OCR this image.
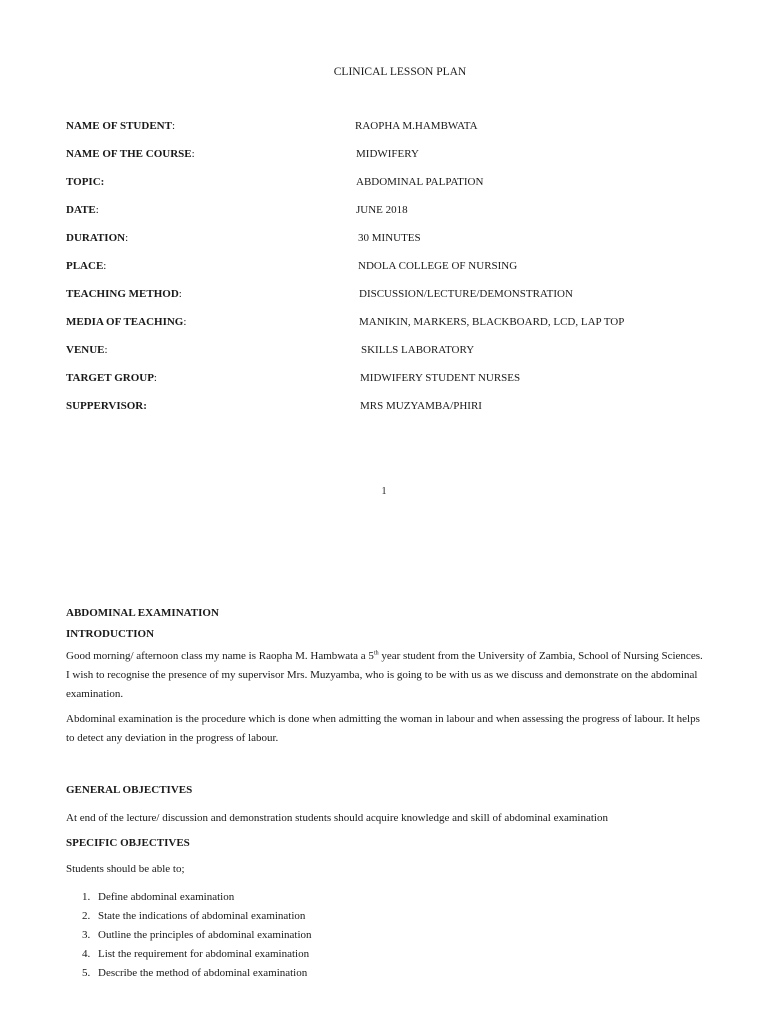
CLINICAL LESSON PLAN
NAME OF STUDENT:	RAOPHA M.HAMBWATA
NAME OF THE COURSE:	MIDWIFERY
TOPIC:	ABDOMINAL PALPATION
DATE:	JUNE 2018
DURATION:	30 MINUTES
PLACE:	NDOLA COLLEGE OF NURSING
TEACHING METHOD:	DISCUSSION/LECTURE/DEMONSTRATION
MEDIA OF TEACHING:	MANIKIN, MARKERS, BLACKBOARD, LCD, LAP TOP
VENUE:	SKILLS LABORATORY
TARGET GROUP:	MIDWIFERY STUDENT NURSES
SUPPERVISOR:	MRS MUZYAMBA/PHIRI
1
ABDOMINAL EXAMINATION
INTRODUCTION
Good morning/ afternoon class my name is Raopha M. Hambwata a 5th year student from the University of Zambia, School of Nursing Sciences. I wish to recognise the presence of my supervisor Mrs. Muzyamba, who is going to be with us as we discuss and demonstrate on the abdominal examination.
Abdominal examination is the procedure which is done when admitting the woman in labour and when assessing the progress of labour. It helps to detect any deviation in the progress of labour.
GENERAL OBJECTIVES
At end of the lecture/ discussion and demonstration students should acquire knowledge and skill of abdominal examination
SPECIFIC OBJECTIVES
Students should be able to;
1. Define abdominal examination
2. State the indications of abdominal examination
3. Outline the principles of abdominal examination
4. List the requirement for abdominal examination
5. Describe the method of abdominal examination
